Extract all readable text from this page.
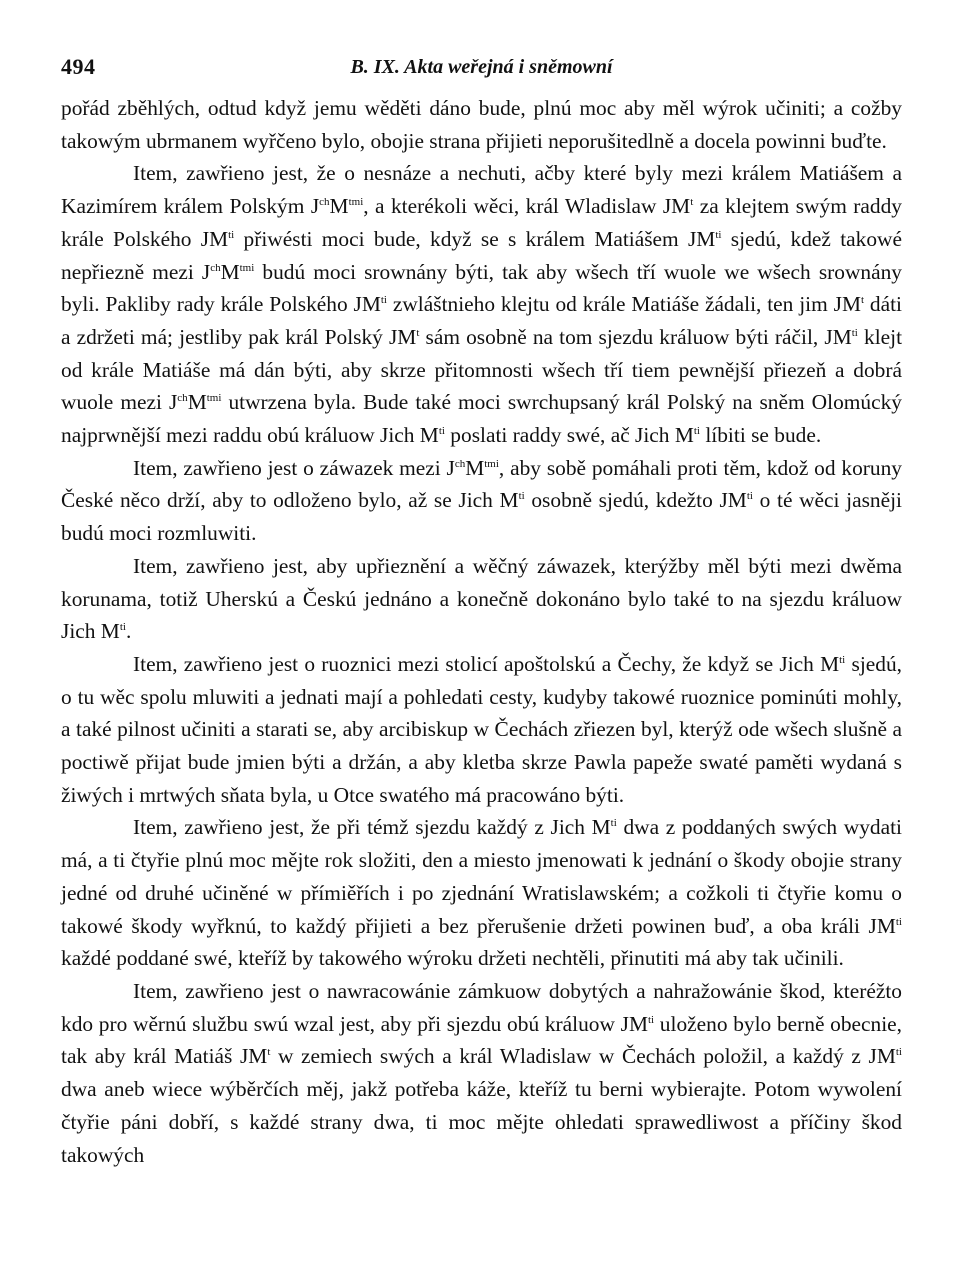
494	B. IX. Akta weřejná i sněmowní

pořád zběhlých, odtud když jemu wěděti dáno bude, plnú moc aby měl wýrok učiniti; a cožby takowým ubrmanem wyřčeno bylo, obojie strana přijieti neporušitedlně a docela powinni buďte.

Item, zawřieno jest, že o nesnáze a nechuti, ačby které byly mezi králem Matiášem a Kazimírem králem Polským $J^{ch}M^{tmi}$, a kterékoli wěci, král Wladislaw $JM^t$ za klejtem swým raddy krále Polského $JM^{ti}$ přiwésti moci bude, když se s králem Matiášem $JM^{ti}$ sjedú, kdež takowé nepřiezně mezi $J^{ch}M^{tmi}$ budú moci srownány býti, tak aby wšech tří wuole we wšech srownány byli. Pakliby rady krále Polského $JM^{ti}$ zwláštnieho klejtu od krále Matiáše žádali, ten jim $JM^t$ dáti a zdržeti má; jestliby pak král Polský $JM^t$ sám osobně na tom sjezdu králuow býti ráčil, $JM^{ti}$ klejt od krále Matiáše má dán býti, aby skrze přitomnosti wšech tří tiem pewnější přiezeň a dobrá wuole mezi $J^{ch}M^{tmi}$ utwrzena byla. Bude také moci swrchupsaný král Polský na sněm Olomúcký najprwnější mezi raddu obú králuow Jich $M^{ti}$ poslati raddy swé, ač Jich $M^{ti}$ líbiti se bude.

Item, zawřieno jest o záwazek mezi $J^{ch}M^{tmi}$, aby sobě pomáhali proti těm, kdož od koruny České něco drží, aby to odloženo bylo, až se Jich $M^{ti}$ osobně sjedú, kdežto $JM^{ti}$ o té wěci jasněji budú moci rozmluwiti.

Item, zawřieno jest, aby upřieznění a wěčný záwazek, kterýžby měl býti mezi dwěma korunama, totiž Uherskú a Českú jednáno a konečně dokonáno bylo také to na sjezdu králuow Jich $M^{ti}$.

Item, zawřieno jest o ruoznici mezi stolicí apoštolskú a Čechy, že když se Jich $M^{ti}$ sjedú, o tu wěc spolu mluwiti a jednati mají a pohledati cesty, kudyby takowé ruoznice pominúti mohly, a také pilnost učiniti a starati se, aby arcibiskup w Čechách zřiezen byl, kterýž ode wšech slušně a poctiwě přijat bude jmien býti a držán, a aby kletba skrze Pawla papeže swaté paměti wydaná s žiwých i mrtwých sňata byla, u Otce swatého má pracowáno býti.

Item, zawřieno jest, že při témž sjezdu každý z Jich $M^{ti}$ dwa z poddaných swých wydati má, a ti čtyřie plnú moc mějte rok složiti, den a miesto jmenowati k jednání o škody obojie strany jedné od druhé učiněné w přímiěřích i po zjednání Wratislawském; a cožkoli ti čtyřie komu o takowé škody wyřknú, to každý přijieti a bez přerušenie držeti powinen buď, a oba králi $JM^{ti}$ každé poddané swé, kteříž by takowého wýroku držeti nechtěli, přinutiti má aby tak učinili.

Item, zawřieno jest o nawracowánie zámkuow dobytých a nahražowánie škod, kteréžto kdo pro wěrnú službu swú wzal jest, aby při sjezdu obú králuow $JM^{ti}$ uloženo bylo berně obecnie, tak aby král Matiáš $JM^t$ w zemiech swých a král Wladislaw w Čechách položil, a každý z $JM^{ti}$ dwa aneb wiece wýběrčích měj, jakž potřeba káže, kteříž tu berni wybierajte. Potom wywolení čtyřie páni dobří, s každé strany dwa, ti moc mějte ohledati sprawedliwost a příčiny škod takowých
